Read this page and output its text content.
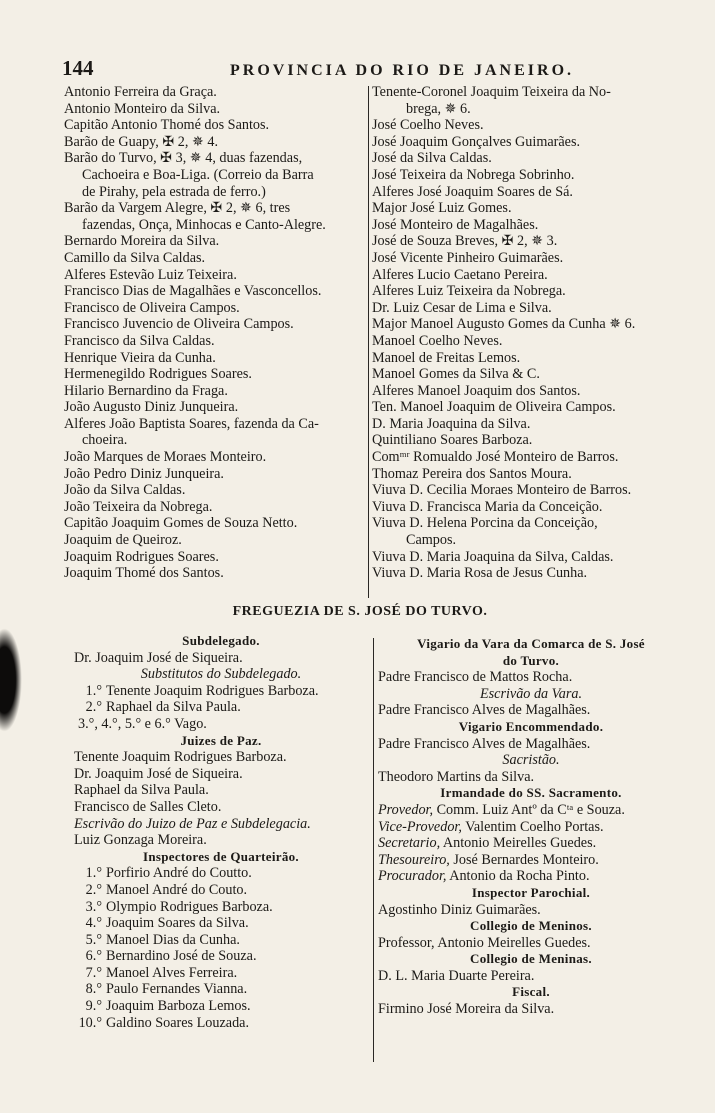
144	PROVINCIA DO RIO DE JANEIRO.
Antonio Ferreira da Graça.
Antonio Monteiro da Silva.
Capitão Antonio Thomé dos Santos.
Barão de Guapy, ✠ 2, ✵ 4.
Barão do Turvo, ✠ 3, ✵ 4, duas fazendas,
Cachoeira e Boa-Liga. (Correio da Barra
de Pirahy, pela estrada de ferro.)
Barão da Vargem Alegre, ✠ 2, ✵ 6, tres
fazendas, Onça, Minhocas e Canto-Alegre.
Bernardo Moreira da Silva.
Camillo da Silva Caldas.
Alferes Estevão Luiz Teixeira.
Francisco Dias de Magalhães e Vasconcellos.
Francisco de Oliveira Campos.
Francisco Juvencio de Oliveira Campos.
Francisco da Silva Caldas.
Henrique Vieira da Cunha.
Hermenegildo Rodrigues Soares.
Hilario Bernardino da Fraga.
João Augusto Diniz Junqueira.
Alferes João Baptista Soares, fazenda da Ca-
choeira.
João Marques de Moraes Monteiro.
João Pedro Diniz Junqueira.
João da Silva Caldas.
João Teixeira da Nobrega.
Capitão Joaquim Gomes de Souza Netto.
Joaquim de Queiroz.
Joaquim Rodrigues Soares.
Joaquim Thomé dos Santos.
Tenente-Coronel Joaquim Teixeira da No-
brega, ✵ 6.
José Coelho Neves.
José Joaquim Gonçalves Guimarães.
José da Silva Caldas.
José Teixeira da Nobrega Sobrinho.
Alferes José Joaquim Soares de Sá.
Major José Luiz Gomes.
José Monteiro de Magalhães.
José de Souza Breves, ✠ 2, ✵ 3.
José Vicente Pinheiro Guimarães.
Alferes Lucio Caetano Pereira.
Alferes Luiz Teixeira da Nobrega.
Dr. Luiz Cesar de Lima e Silva.
Major Manoel Augusto Gomes da Cunha ✵ 6.
Manoel Coelho Neves.
Manoel de Freitas Lemos.
Manoel Gomes da Silva & C.
Alferes Manoel Joaquim dos Santos.
Ten. Manoel Joaquim de Oliveira Campos.
D. Maria Joaquina da Silva.
Quintiliano Soares Barboza.
Comᵐʳ Romualdo José Monteiro de Barros.
Thomaz Pereira dos Santos Moura.
Viuva D. Cecilia Moraes Monteiro de Barros.
Viuva D. Francisca Maria da Conceição.
Viuva D. Helena Porcina da Conceição,
Campos.
Viuva D. Maria Joaquina da Silva, Caldas.
Viuva D. Maria Rosa de Jesus Cunha.
FREGUEZIA DE S. JOSÉ DO TURVO.
Subdelegado.
Dr. Joaquim José de Siqueira.
Substitutos do Subdelegado.
1.° Tenente Joaquim Rodrigues Barboza.
2.° Raphael da Silva Paula.
3.°, 4.°, 5.° e 6.° Vago.
Juizes de Paz.
Tenente Joaquim Rodrigues Barboza.
Dr. Joaquim José de Siqueira.
Raphael da Silva Paula.
Francisco de Salles Cleto.
Escrivão do Juizo de Paz e Subdelegacia.
Luiz Gonzaga Moreira.
Inspectores de Quarteirão.
1.° Porfirio André do Coutto.
2.° Manoel André do Couto.
3.° Olympio Rodrigues Barboza.
4.° Joaquim Soares da Silva.
5.° Manoel Dias da Cunha.
6.° Bernardino José de Souza.
7.° Manoel Alves Ferreira.
8.° Paulo Fernandes Vianna.
9.° Joaquim Barboza Lemos.
10.° Galdino Soares Louzada.
Vigario da Vara da Comarca de S. José
do Turvo.
Padre Francisco de Mattos Rocha.
Escrivão da Vara.
Padre Francisco Alves de Magalhães.
Vigario Encommendado.
Padre Francisco Alves de Magalhães.
Sacristão.
Theodoro Martins da Silva.
Irmandade do SS. Sacramento.
Provedor, Comm. Luiz Antº da Cᵗᵃ e Souza.
Vice-Provedor, Valentim Coelho Portas.
Secretario, Antonio Meirelles Guedes.
Thesoureiro, José Bernardes Monteiro.
Procurador, Antonio da Rocha Pinto.
Inspector Parochial.
Agostinho Diniz Guimarães.
Collegio de Meninos.
Professor, Antonio Meirelles Guedes.
Collegio de Meninas.
D. L. Maria Duarte Pereira.
Fiscal.
Firmino José Moreira da Silva.
